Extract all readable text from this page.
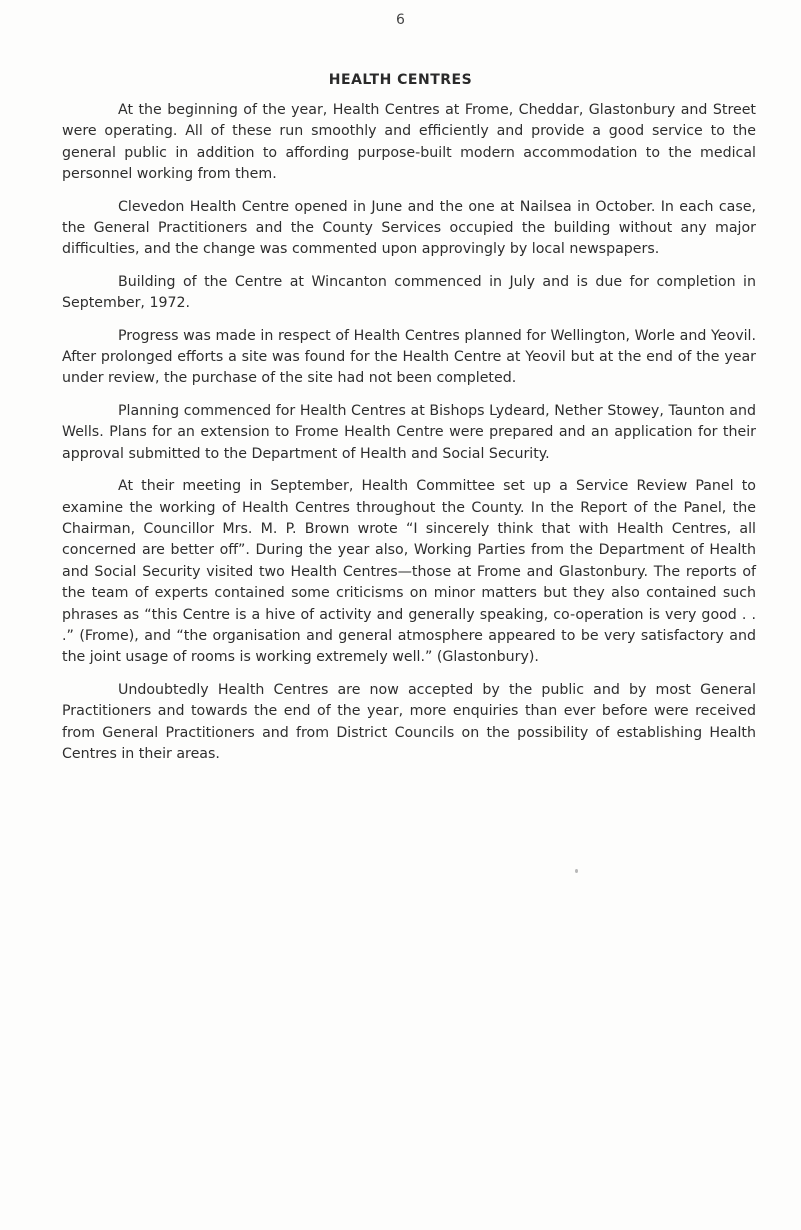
6
HEALTH CENTRES

At the beginning of the year, Health Centres at Frome, Cheddar, Glastonbury and Street were operating. All of these run smoothly and efficiently and provide a good service to the general public in addition to affording purpose-built modern accommodation to the medical personnel working from them.

Clevedon Health Centre opened in June and the one at Nailsea in October. In each case, the General Practitioners and the County Services occupied the building without any major difficulties, and the change was commented upon approvingly by local newspapers.

Building of the Centre at Wincanton commenced in July and is due for completion in September, 1972.

Progress was made in respect of Health Centres planned for Wellington, Worle and Yeovil. After prolonged efforts a site was found for the Health Centre at Yeovil but at the end of the year under review, the purchase of the site had not been completed.

Planning commenced for Health Centres at Bishops Lydeard, Nether Stowey, Taunton and Wells. Plans for an extension to Frome Health Centre were prepared and an application for their approval submitted to the Department of Health and Social Security.

At their meeting in September, Health Committee set up a Service Review Panel to examine the working of Health Centres throughout the County. In the Report of the Panel, the Chairman, Councillor Mrs. M. P. Brown wrote “I sincerely think that with Health Centres, all concerned are better off”. During the year also, Working Parties from the Department of Health and Social Security visited two Health Centres—those at Frome and Glastonbury. The reports of the team of experts contained some criticisms on minor matters but they also contained such phrases as “this Centre is a hive of activity and generally speaking, co-operation is very good . . .” (Frome), and “the organisation and general atmosphere appeared to be very satisfactory and the joint usage of rooms is working extremely well.” (Glastonbury).

Undoubtedly Health Centres are now accepted by the public and by most General Practitioners and towards the end of the year, more enquiries than ever before were received from General Practitioners and from District Councils on the possibility of establishing Health Centres in their areas.
